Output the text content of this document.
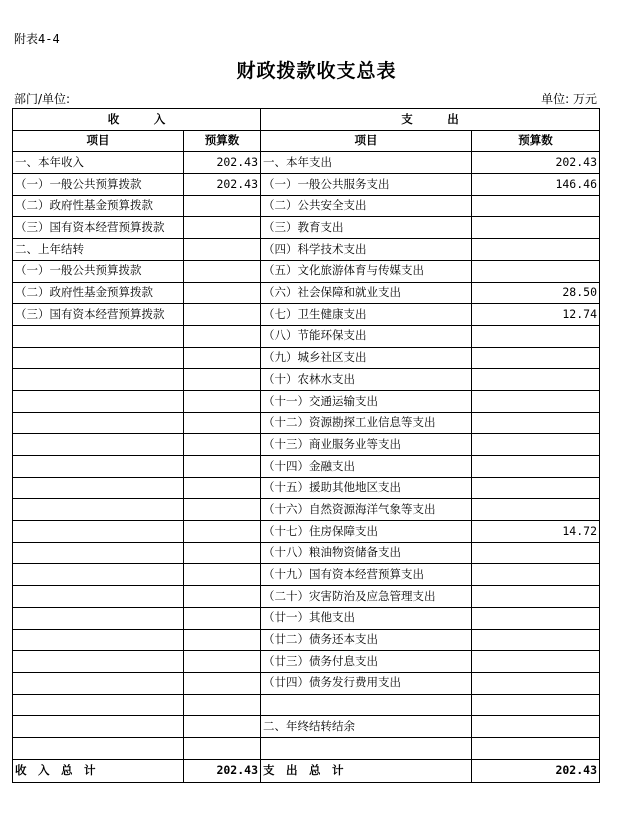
附表4-4
财政拨款收支总表
部门/单位:	单位: 万元
收　　　入		支　　　出	
项目	预算数	项目	预算数
一、本年收入	202.43	一、本年支出	202.43
（一）一般公共预算拨款	202.43	（一）一般公共服务支出	146.46
（二）政府性基金预算拨款		（二）公共安全支出	
（三）国有资本经营预算拨款		（三）教育支出	
二、上年结转		（四）科学技术支出	
（一）一般公共预算拨款		（五）文化旅游体育与传媒支出	
（二）政府性基金预算拨款		（六）社会保障和就业支出	28.50
（三）国有资本经营预算拨款		（七）卫生健康支出	12.74
		（八）节能环保支出	
		（九）城乡社区支出	
		（十）农林水支出	
		（十一）交通运输支出	
		（十二）资源勘探工业信息等支出	
		（十三）商业服务业等支出	
		（十四）金融支出	
		（十五）援助其他地区支出	
		（十六）自然资源海洋气象等支出	
		（十七）住房保障支出	14.72
		（十八）粮油物资储备支出	
		（十九）国有资本经营预算支出	
		（二十）灾害防治及应急管理支出	
		（廿一）其他支出	
		（廿二）债务还本支出	
		（廿三）债务付息支出	
		（廿四）债务发行费用支出	

		二、年终结转结余	

收　入　总　计	202.43	支　出　总　计	202.43
